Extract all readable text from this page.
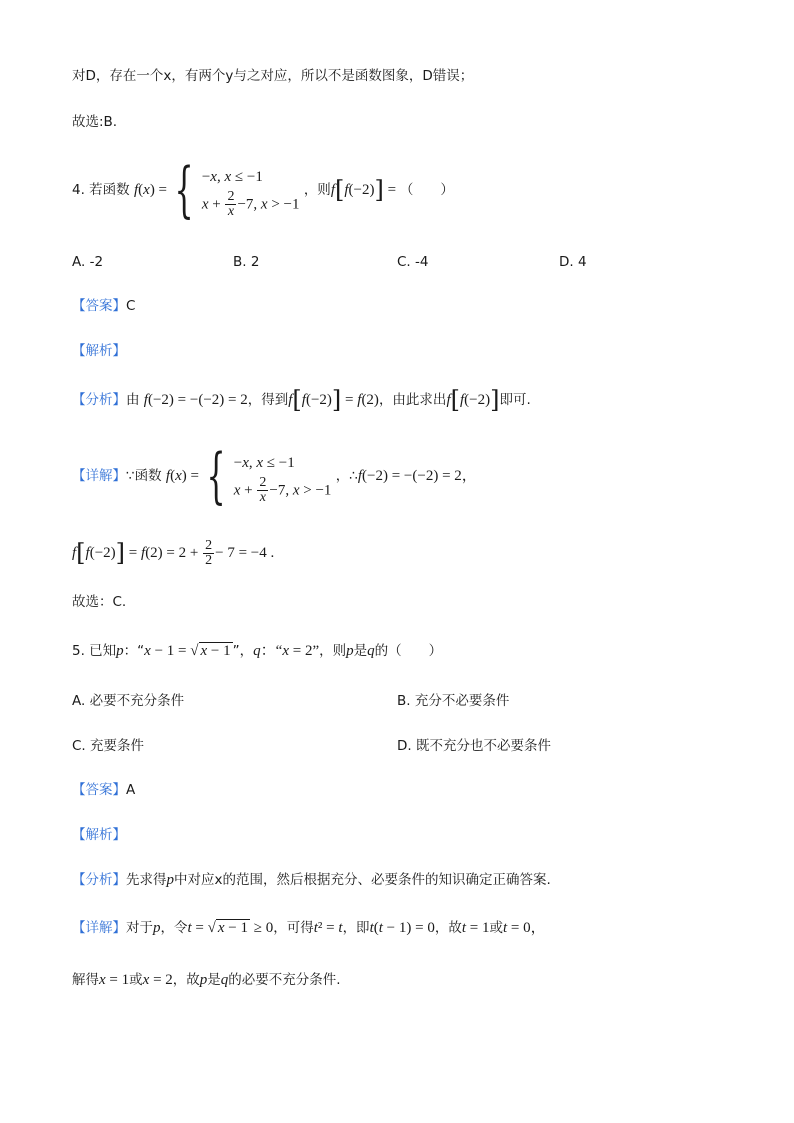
对D，存在一个x，有两个y与之对应，所以不是函数图象，D错误；
故选:B.
4. 若函数 f(x) = { −x, x ≤ −1
$x + \frac{2}{x} -7$, x > −1
，则f[f(−2)] = （　　）
A. -2	B. 2	C. -4	D. 4
【答案】C
【解析】
【分析】由 f(−2) = −(−2) = 2，得到f[f(−2)] = f(2)，由此求出f[f(−2)]即可.
【详解】∵函数 f(x) = { −x, x ≤ −1
$x + \frac{2}{x} -7$, x > −1
，∴f(−2) = −(−2) = 2，
$f[f(-2)] = f(2) = 2 + \frac{2}{2} - 7 = -4$ .
故选：C.
5. 已知p：“x − 1 = √ x − 1 ”，q：“x = 2”，则p是q的（　　）
A. 必要不充分条件	B. 充分不必要条件
C. 充要条件	D. 既不充分也不必要条件
【答案】A
【解析】
【分析】先求得p中对应x的范围，然后根据充分、必要条件的知识确定正确答案.
【详解】对于p，令t = √ x − 1 ≥ 0，可得t² = t，即t(t − 1) = 0，故t = 1或t = 0，
解得x = 1或x = 2，故p是q的必要不充分条件.
